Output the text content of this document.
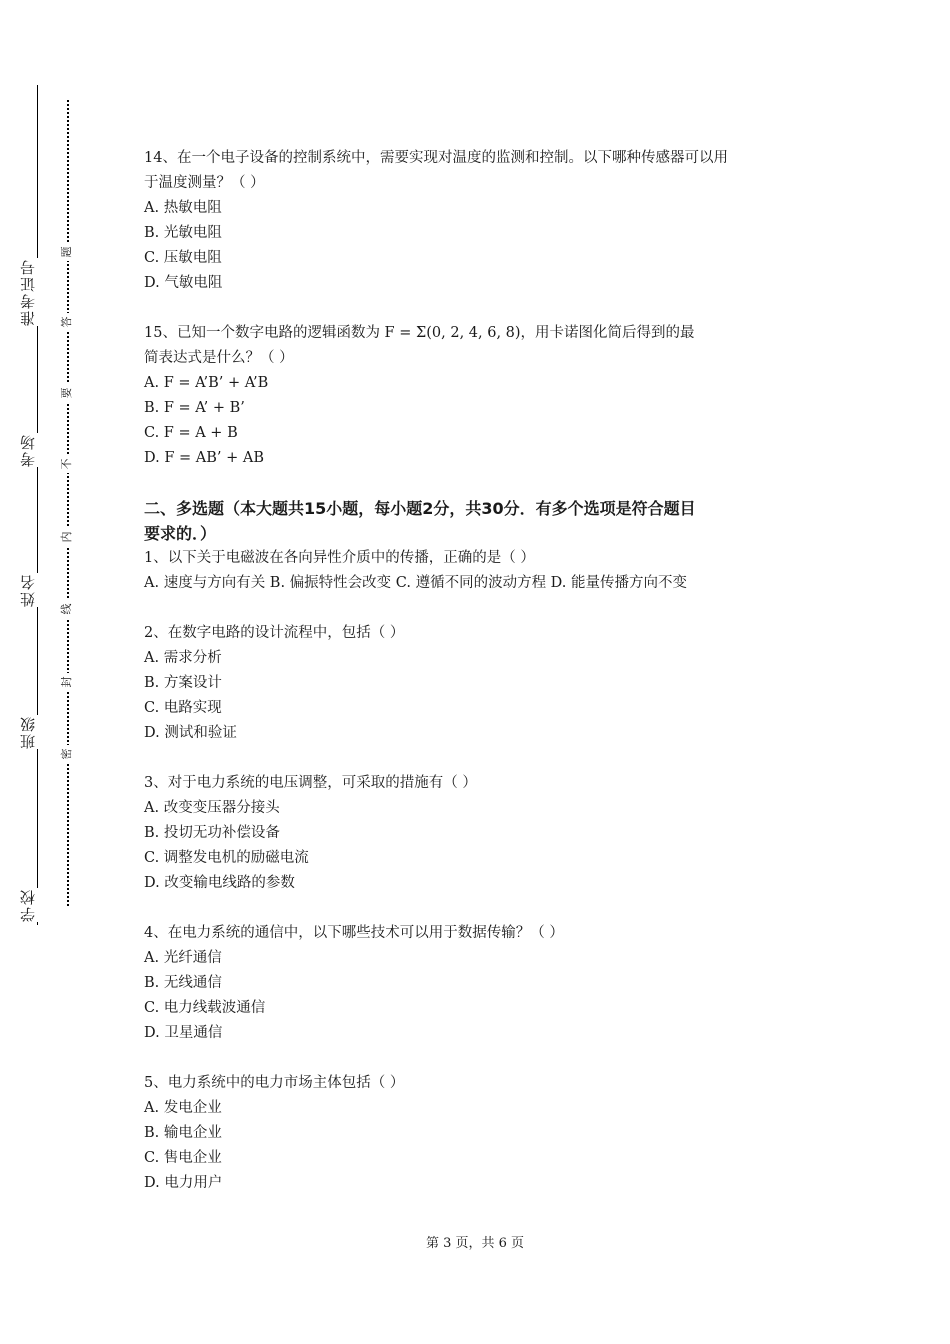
准考证号
考场
姓名
班级
学校
题
答
要
不
内
线
封
密
14、在一个电子设备的控制系统中，需要实现对温度的监测和控制。以下哪种传感器可以用
于温度测量？（ ）
A. 热敏电阻
B. 光敏电阻
C. 压敏电阻
D. 气敏电阻
15、已知一个数字电路的逻辑函数为 F = Σ(0, 2, 4, 6, 8)，用卡诺图化简后得到的最
简表达式是什么？（ ）
A. F = A’B’ + A’B
B. F = A’ + B’
C. F = A + B
D. F = AB’ + AB
二、多选题（本大题共15小题，每小题2分，共30分．有多个选项是符合题目
要求的．）
1、以下关于电磁波在各向异性介质中的传播，正确的是（ ）
A. 速度与方向有关 B. 偏振特性会改变 C. 遵循不同的波动方程 D. 能量传播方向不变
2、在数字电路的设计流程中，包括（ ）
A. 需求分析
B. 方案设计
C. 电路实现
D. 测试和验证
3、对于电力系统的电压调整，可采取的措施有（ ）
A. 改变变压器分接头
B. 投切无功补偿设备
C. 调整发电机的励磁电流
D. 改变输电线路的参数
4、在电力系统的通信中，以下哪些技术可以用于数据传输？（ ）
A. 光纤通信
B. 无线通信
C. 电力线载波通信
D. 卫星通信
5、电力系统中的电力市场主体包括（ ）
A. 发电企业
B. 输电企业
C. 售电企业
D. 电力用户
第 3 页，共 6 页
